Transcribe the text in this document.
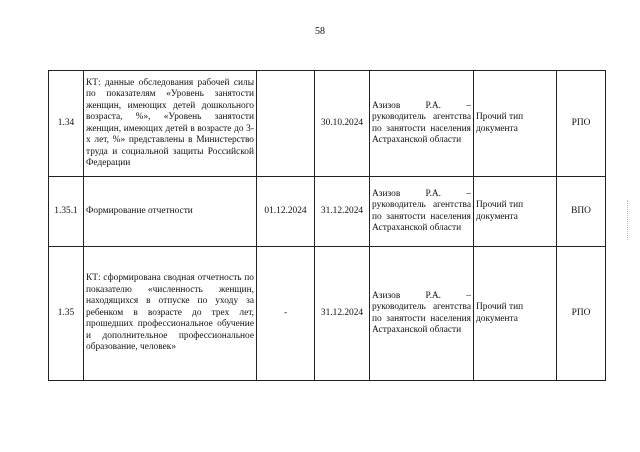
58
1.34	КТ: данные обследования рабочей силы по показателям «Уровень занятости женщин, имеющих детей дошкольного возраста, %», «Уровень занятости женщин, имеющих детей в возрасте до 3-х лет, %» представлены в Министерство труда и социальной защиты Российской Федерации		30.10.2024	Азизов Р.А. – руководитель агентства по занятости населения Астраханской области	Прочий тип документа	РПО
1.35.1	Формирование отчетности	01.12.2024	31.12.2024	Азизов Р.А. – руководитель агентства по занятости населения Астраханской области	Прочий тип документа	ВПО
1.35	КТ: сформирована сводная отчетность по показателю «численность женщин, находящихся в отпуске по уходу за ребенком в возрасте до трех лет, прошедших профессиональное обучение и дополнительное профессиональное образование, человек»	-	31.12.2024	Азизов Р.А. – руководитель агентства по занятости населения Астраханской области	Прочий тип документа	РПО
